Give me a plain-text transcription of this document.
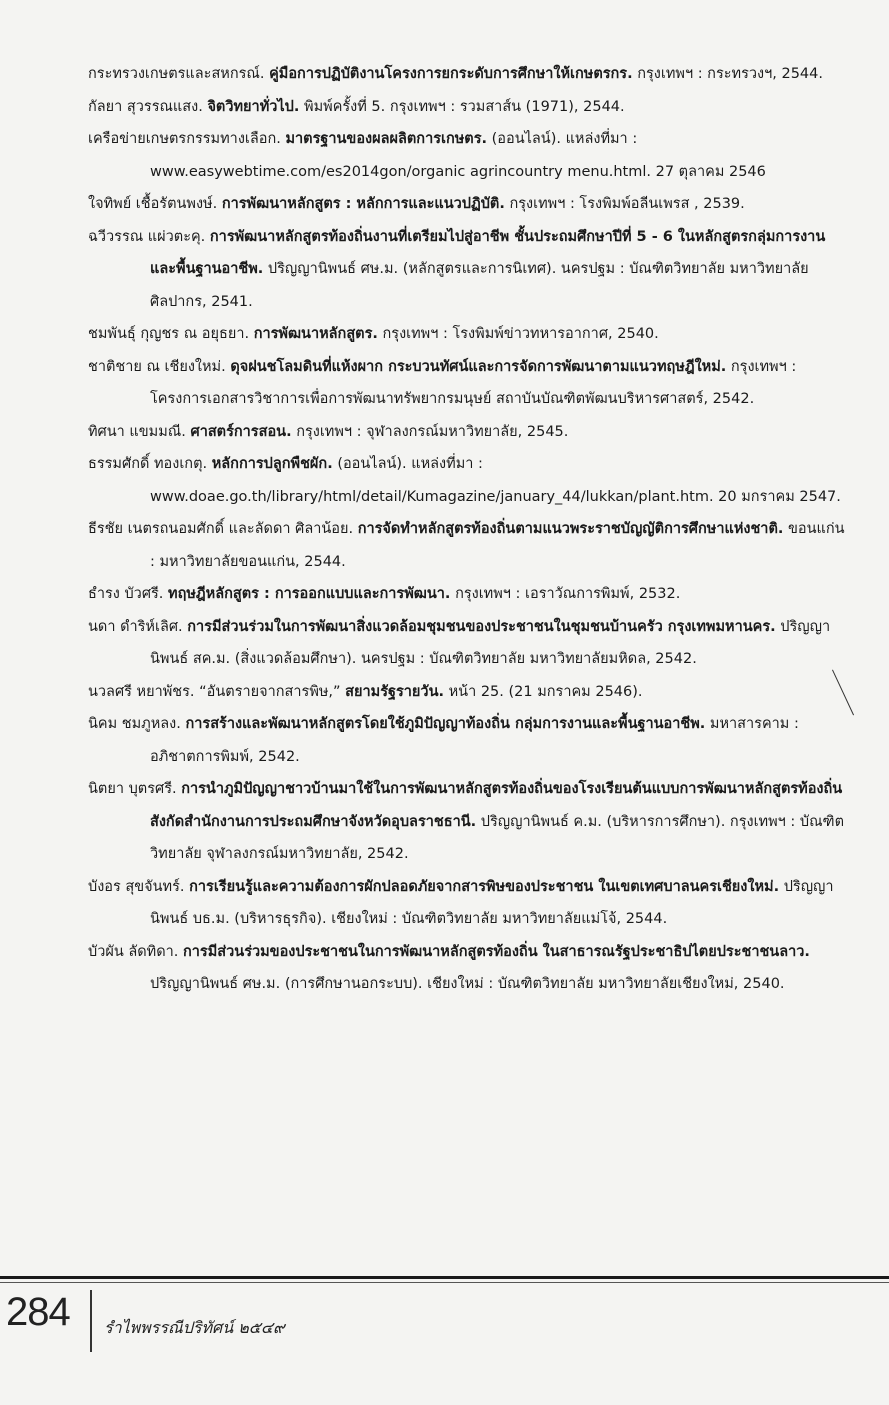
กระทรวงเกษตรและสหกรณ์. คู่มือการปฏิบัติงานโครงการยกระดับการศึกษาให้เกษตรกร. กรุงเทพฯ : กระทรวงฯ, 2544.

กัลยา สุวรรณแสง. จิตวิทยาทั่วไป. พิมพ์ครั้งที่ 5. กรุงเทพฯ : รวมสาส์น (1971), 2544.

เครือข่ายเกษตรกรรมทางเลือก. มาตรฐานของผลผลิตการเกษตร. (ออนไลน์). แหล่งที่มา : www.easywebtime.com/es2014gon/organic agrincountry menu.html. 27 ตุลาคม 2546

ใจทิพย์ เชื้อรัตนพงษ์. การพัฒนาหลักสูตร : หลักการและแนวปฏิบัติ. กรุงเทพฯ : โรงพิมพ์อลีนเพรส , 2539.

ฉวีวรรณ แผ่วตะคุ. การพัฒนาหลักสูตรท้องถิ่นงานที่เตรียมไปสู่อาชีพ ชั้นประถมศึกษาปีที่ 5 - 6 ในหลักสูตรกลุ่มการงานและพื้นฐานอาชีพ. ปริญญานิพนธ์ ศษ.ม. (หลักสูตรและการนิเทศ). นครปฐม : บัณฑิตวิทยาลัย มหาวิทยาลัยศิลปากร, 2541.

ชมพันธุ์ กุญชร ณ อยุธยา. การพัฒนาหลักสูตร. กรุงเทพฯ : โรงพิมพ์ข่าวทหารอากาศ, 2540.

ชาติชาย ณ เชียงใหม่. ดุจฝนชโลมดินที่แห้งผาก กระบวนทัศน์และการจัดการพัฒนาตามแนวทฤษฎีใหม่. กรุงเทพฯ : โครงการเอกสารวิชาการเพื่อการพัฒนาทรัพยากรมนุษย์ สถาบันบัณฑิตพัฒนบริหารศาสตร์, 2542.

ทิศนา แขมมณี. ศาสตร์การสอน. กรุงเทพฯ : จุฬาลงกรณ์มหาวิทยาลัย, 2545.

ธรรมศักดิ์ ทองเกตุ. หลักการปลูกพืชผัก. (ออนไลน์). แหล่งที่มา : www.doae.go.th/library/html/detail/Kumagazine/january_44/lukkan/plant.htm. 20 มกราคม 2547.

ธีรชัย เนตรถนอมศักดิ์ และลัดดา ศิลาน้อย. การจัดทำหลักสูตรท้องถิ่นตามแนวพระราชบัญญัติการศึกษาแห่งชาติ. ขอนแก่น : มหาวิทยาลัยขอนแก่น, 2544.

ธำรง บัวศรี. ทฤษฎีหลักสูตร : การออกแบบและการพัฒนา. กรุงเทพฯ : เอราวัณการพิมพ์, 2532.

นดา ดำริห์เลิศ. การมีส่วนร่วมในการพัฒนาสิ่งแวดล้อมชุมชนของประชาชนในชุมชนบ้านครัว กรุงเทพมหานคร. ปริญญานิพนธ์ สค.ม. (สิ่งแวดล้อมศึกษา). นครปฐม : บัณฑิตวิทยาลัย มหาวิทยาลัยมหิดล, 2542.

นวลศรี หยาพัชร. “อันตรายจากสารพิษ,” สยามรัฐรายวัน. หน้า 25. (21 มกราคม 2546).

นิคม ชมภูหลง. การสร้างและพัฒนาหลักสูตรโดยใช้ภูมิปัญญาท้องถิ่น กลุ่มการงานและพื้นฐานอาชีพ. มหาสารคาม : อภิชาตการพิมพ์, 2542.

นิตยา บุตรศรี. การนำภูมิปัญญาชาวบ้านมาใช้ในการพัฒนาหลักสูตรท้องถิ่นของโรงเรียนต้นแบบการพัฒนาหลักสูตรท้องถิ่น สังกัดสำนักงานการประถมศึกษาจังหวัดอุบลราชธานี. ปริญญานิพนธ์ ค.ม. (บริหารการศึกษา). กรุงเทพฯ : บัณฑิตวิทยาลัย จุฬาลงกรณ์มหาวิทยาลัย, 2542.

บังอร สุขจันทร์. การเรียนรู้และความต้องการผักปลอดภัยจากสารพิษของประชาชน ในเขตเทศบาลนครเชียงใหม่. ปริญญานิพนธ์ บธ.ม. (บริหารธุรกิจ). เชียงใหม่ : บัณฑิตวิทยาลัย มหาวิทยาลัยแม่โจ้, 2544.

บัวผัน ลัดทิดา. การมีส่วนร่วมของประชาชนในการพัฒนาหลักสูตรท้องถิ่น ในสาธารณรัฐประชาธิปไตยประชาชนลาว. ปริญญานิพนธ์ ศษ.ม. (การศึกษานอกระบบ). เชียงใหม่ : บัณฑิตวิทยาลัย มหาวิทยาลัยเชียงใหม่, 2540.

284 รำไพพรรณีปริทัศน์ ๒๕๔๙
